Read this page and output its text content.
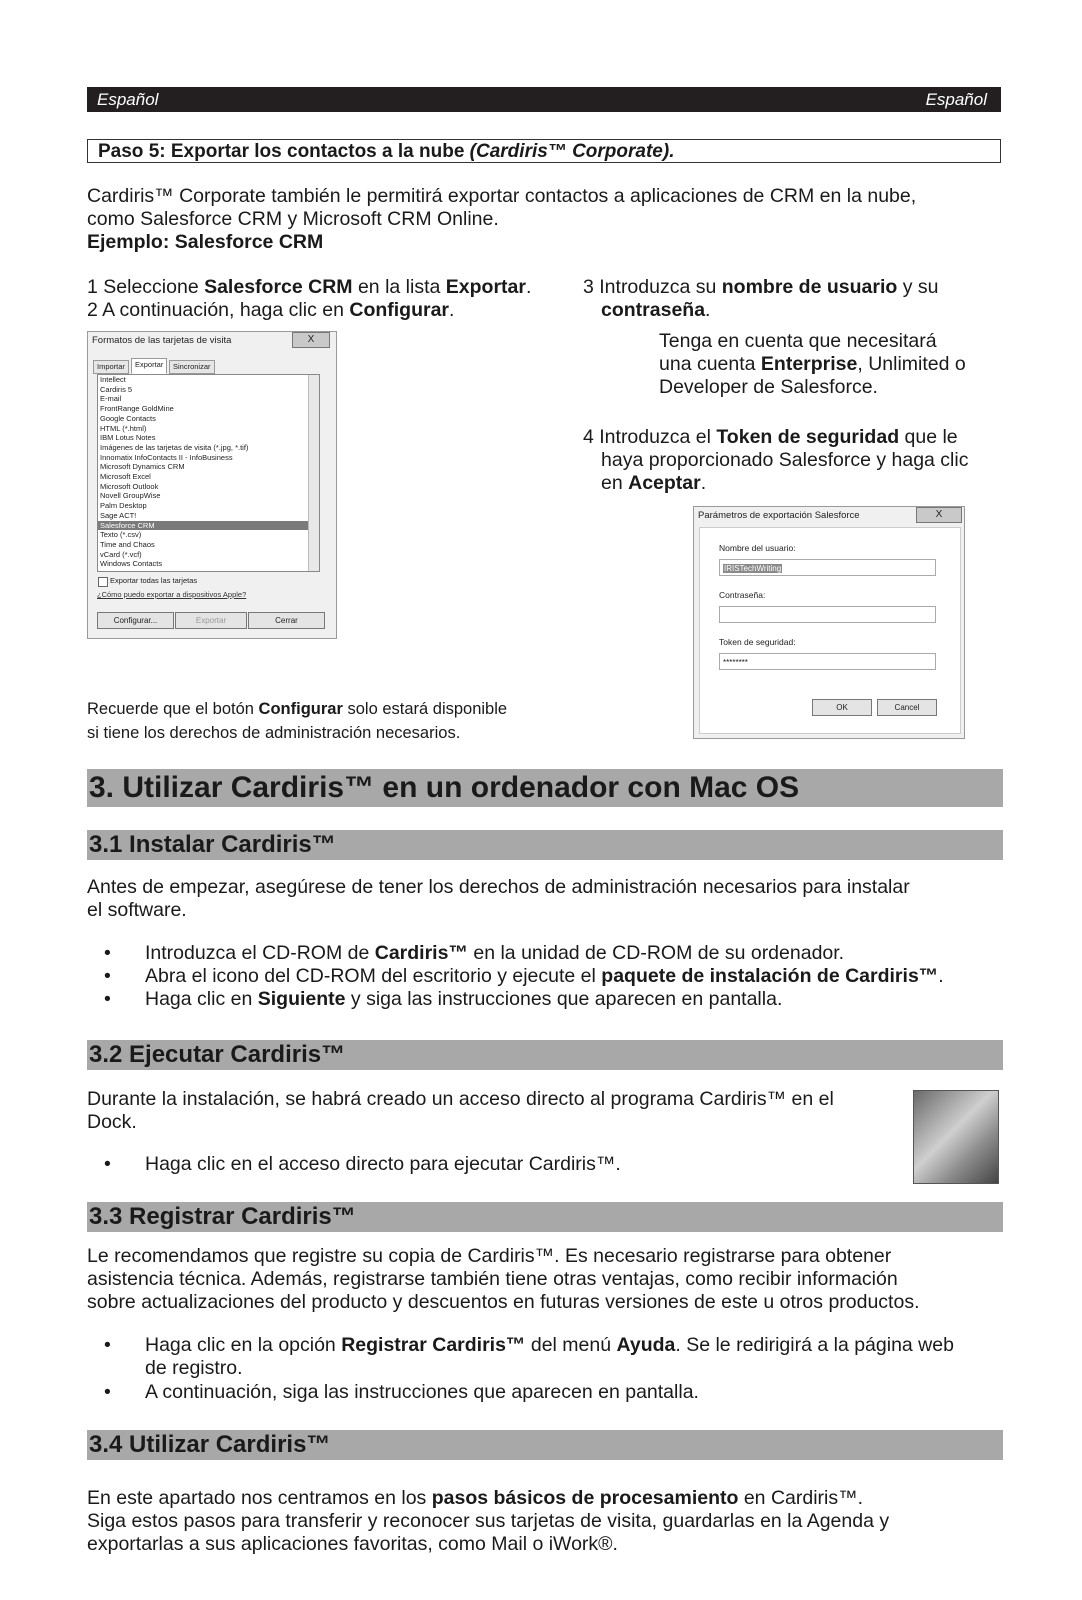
Español	Español
Paso 5: Exportar los contactos a la nube (Cardiris™ Corporate).
Cardiris™ Corporate también le permitirá exportar contactos a aplicaciones de CRM en la nube,
como Salesforce CRM y Microsoft CRM Online.
Ejemplo: Salesforce CRM
1 Seleccione Salesforce CRM en la lista Exportar.
2 A continuación, haga clic en Configurar.
Formatos de las tarjetas de visita	X
Importar	Exportar	Sincronizar
Intellect
Cardiris 5
E-mail
FrontRange GoldMine
Google Contacts
HTML (*.html)
IBM Lotus Notes
Imágenes de las tarjetas de visita (*.jpg, *.tif)
Innomatix InfoContacts II - InfoBusiness
Microsoft Dynamics CRM
Microsoft Excel
Microsoft Outlook
Novell GroupWise
Palm Desktop
Sage ACT!
Salesforce CRM
Texto (*.csv)
Time and Chaos
vCard (*.vcf)
Windows Contacts
Exportar todas las tarjetas
¿Cómo puedo exportar a dispositivos Apple?
Configurar...	Exportar	Cerrar
Recuerde que el botón Configurar solo estará disponible
si tiene los derechos de administración necesarios.
3 Introduzca su nombre de usuario y su
contraseña.
Tenga en cuenta que necesitará
una cuenta Enterprise, Unlimited o
Developer de Salesforce.
4 Introduzca el Token de seguridad que le
haya proporcionado Salesforce y haga clic
en Aceptar.
Parámetros de exportación Salesforce	X
Nombre del usuario:
IRISTechWriting
Contraseña:
Token de seguridad:
********
OK	Cancel
3. Utilizar Cardiris™ en un ordenador con Mac OS
3.1 Instalar Cardiris™
Antes de empezar, asegúrese de tener los derechos de administración necesarios para instalar
el software.
•	Introduzca el CD-ROM de Cardiris™ en la unidad de CD-ROM de su ordenador.
•	Abra el icono del CD-ROM del escritorio y ejecute el paquete de instalación de Cardiris™.
•	Haga clic en Siguiente y siga las instrucciones que aparecen en pantalla.
3.2 Ejecutar Cardiris™
Durante la instalación, se habrá creado un acceso directo al programa Cardiris™ en el
Dock.
•	Haga clic en el acceso directo para ejecutar Cardiris™.
3.3 Registrar Cardiris™
Le recomendamos que registre su copia de Cardiris™. Es necesario registrarse para obtener
asistencia técnica. Además, registrarse también tiene otras ventajas, como recibir información
sobre actualizaciones del producto y descuentos en futuras versiones de este u otros productos.
•	Haga clic en la opción Registrar Cardiris™ del menú Ayuda. Se le redirigirá a la página web
de registro.
•	A continuación, siga las instrucciones que aparecen en pantalla.
3.4 Utilizar Cardiris™
En este apartado nos centramos en los pasos básicos de procesamiento en Cardiris™.
Siga estos pasos para transferir y reconocer sus tarjetas de visita, guardarlas en la Agenda y
exportarlas a sus aplicaciones favoritas, como Mail o iWork®.
